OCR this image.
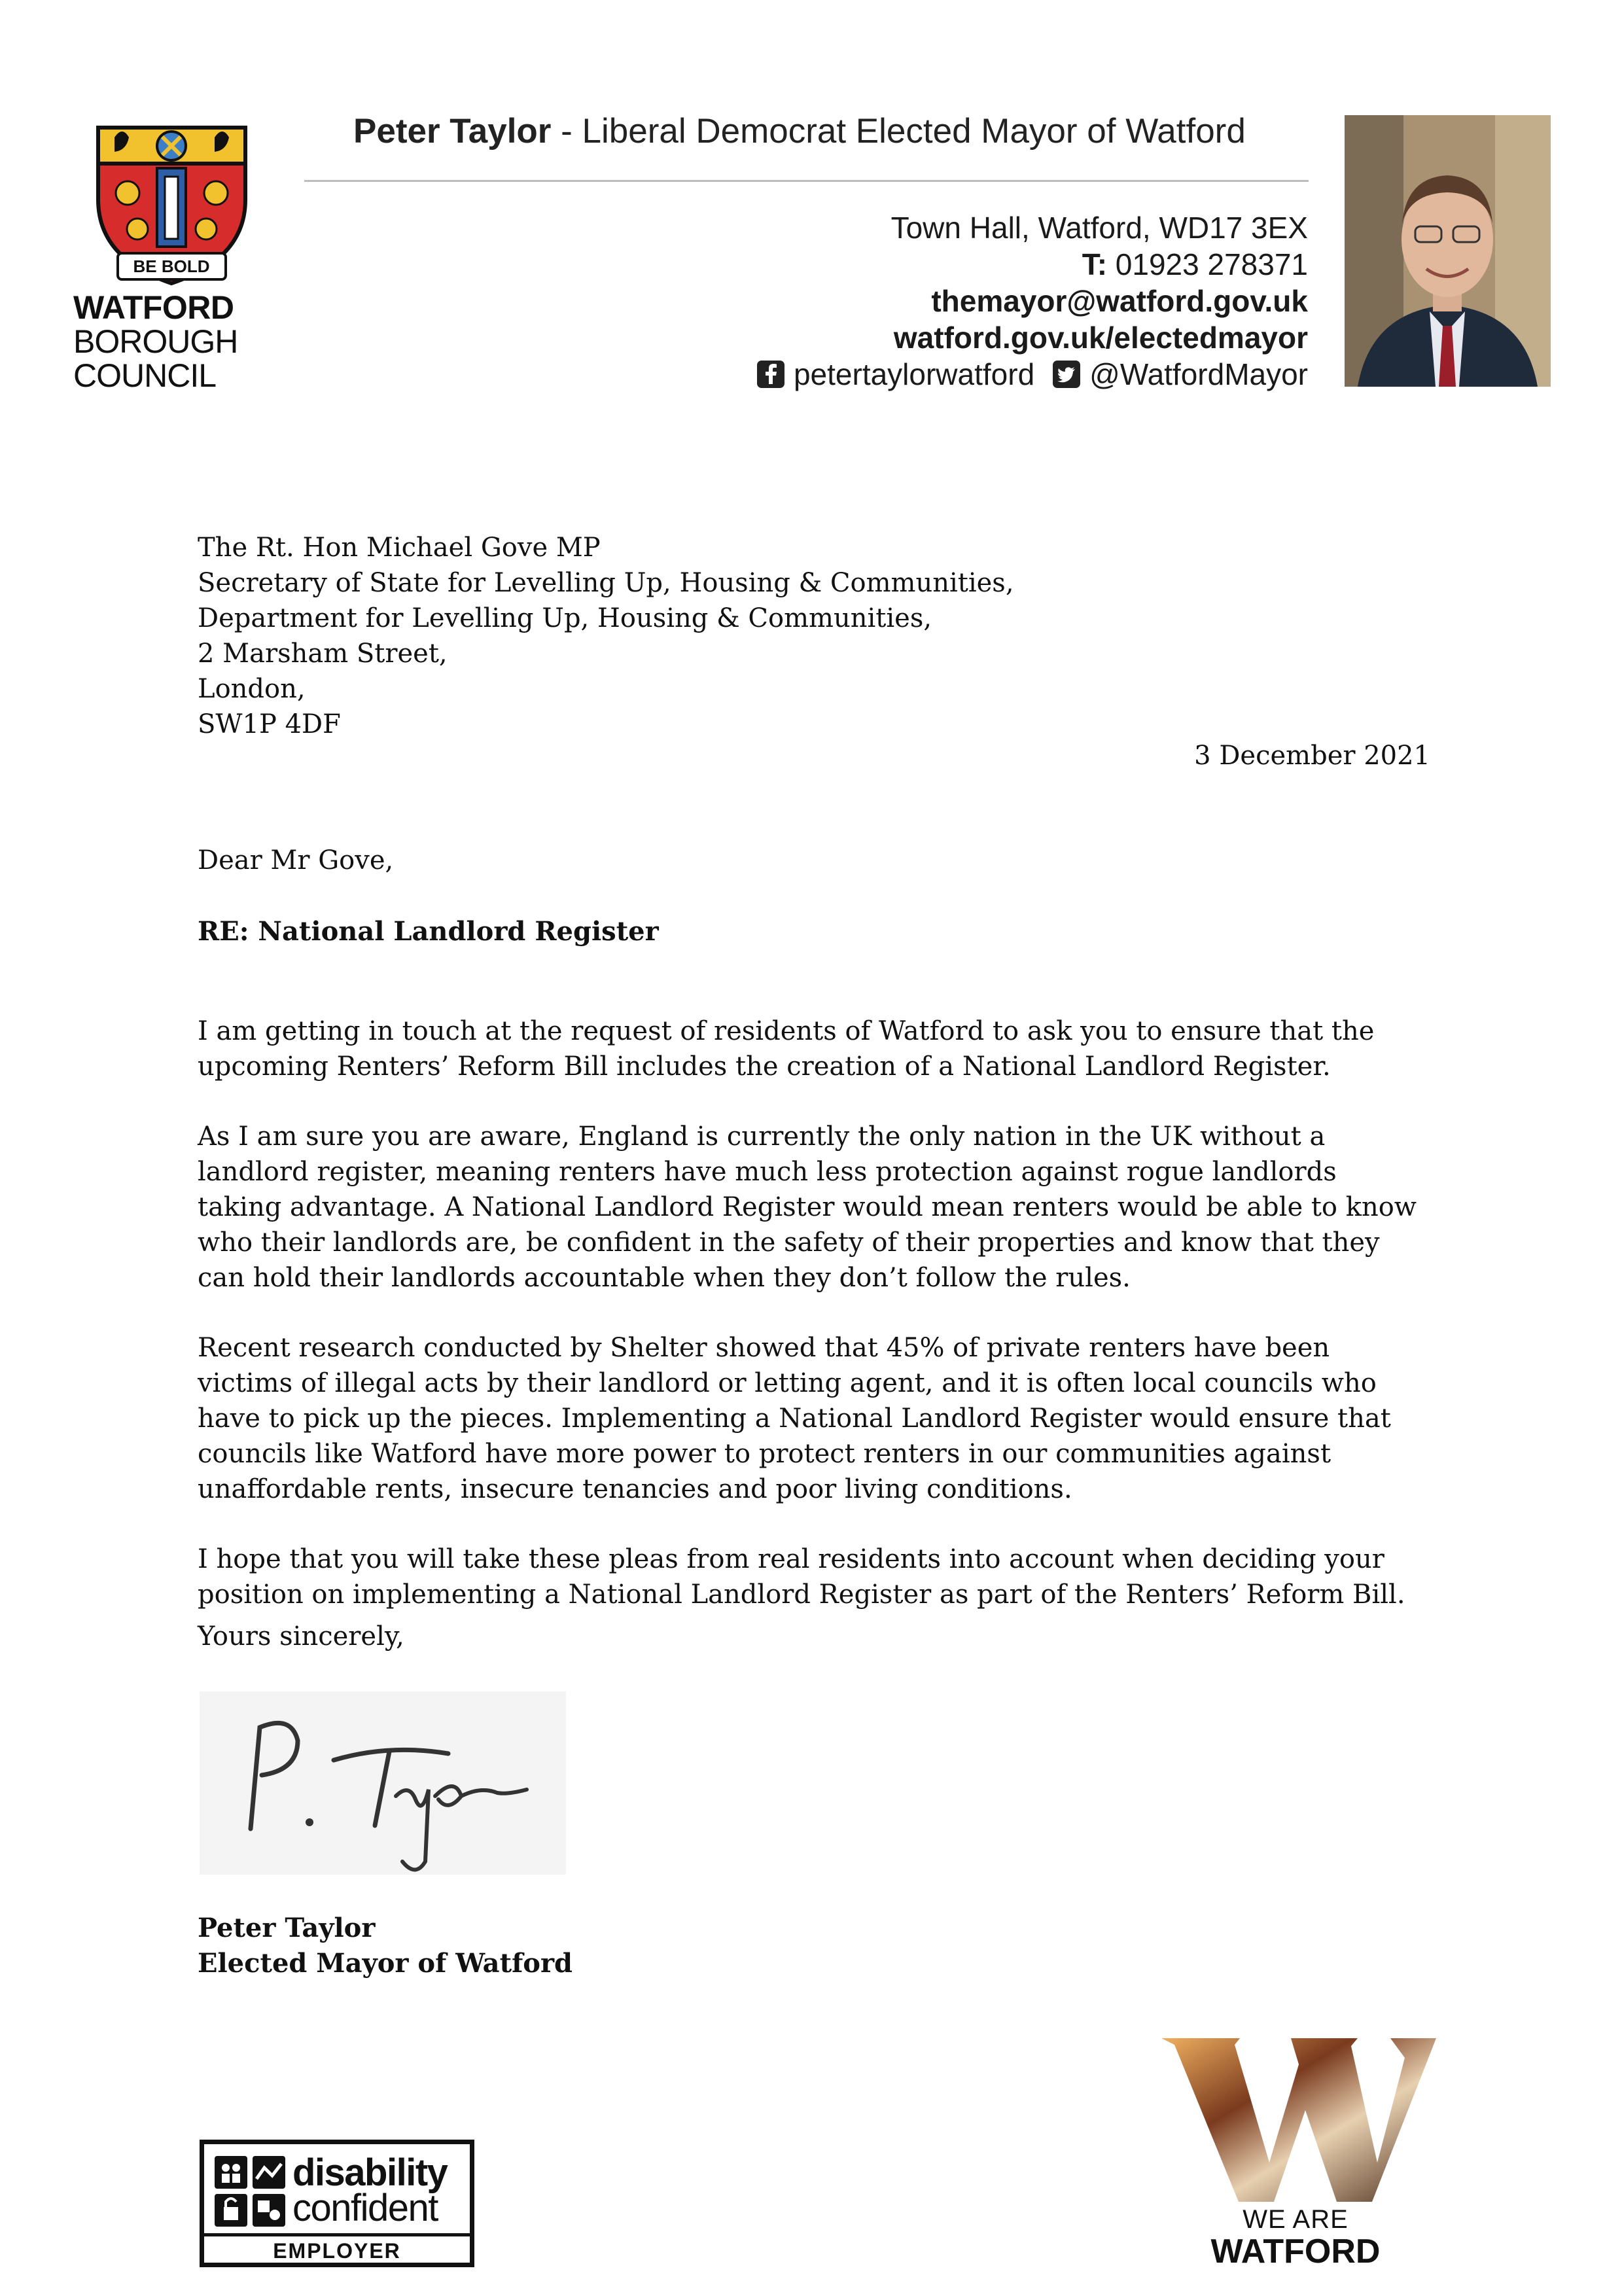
BE BOLD
WATFORD
BOROUGH
COUNCIL
Peter Taylor - Liberal Democrat Elected Mayor of Watford
Town Hall, Watford, WD17 3EX
T: 01923 278371
themayor@watford.gov.uk
watford.gov.uk/electedmayor
petertaylorwatford @WatfordMayor

The Rt. Hon Michael Gove MP

Secretary of State for Levelling Up, Housing & Communities,

Department for Levelling Up, Housing & Communities,

2 Marsham Street,

London,

SW1P 4DF

3 December 2021
Dear Mr Gove,
RE: National Landlord Register

I am getting in touch at the request of residents of Watford to ask you to ensure that the upcoming Renters’ Reform Bill includes the creation of a National Landlord Register.

As I am sure you are aware, England is currently the only nation in the UK without a landlord register, meaning renters have much less protection against rogue landlords taking advantage. A National Landlord Register would mean renters would be able to know who their landlords are, be confident in the safety of their properties and know that they can hold their landlords accountable when they don’t follow the rules.

Recent research conducted by Shelter showed that 45% of private renters have been victims of illegal acts by their landlord or letting agent, and it is often local councils who have to pick up the pieces. Implementing a National Landlord Register would ensure that councils like Watford have more power to protect renters in our communities against unaffordable rents, insecure tenancies and poor living conditions.

I hope that you will take these pleas from real residents into account when deciding your position on implementing a National Landlord Register as part of the Renters’ Reform Bill.

Yours sincerely,
Peter Taylor
Elected Mayor of Watford
disability
confident
EMPLOYER
WE ARE
WATFORD
